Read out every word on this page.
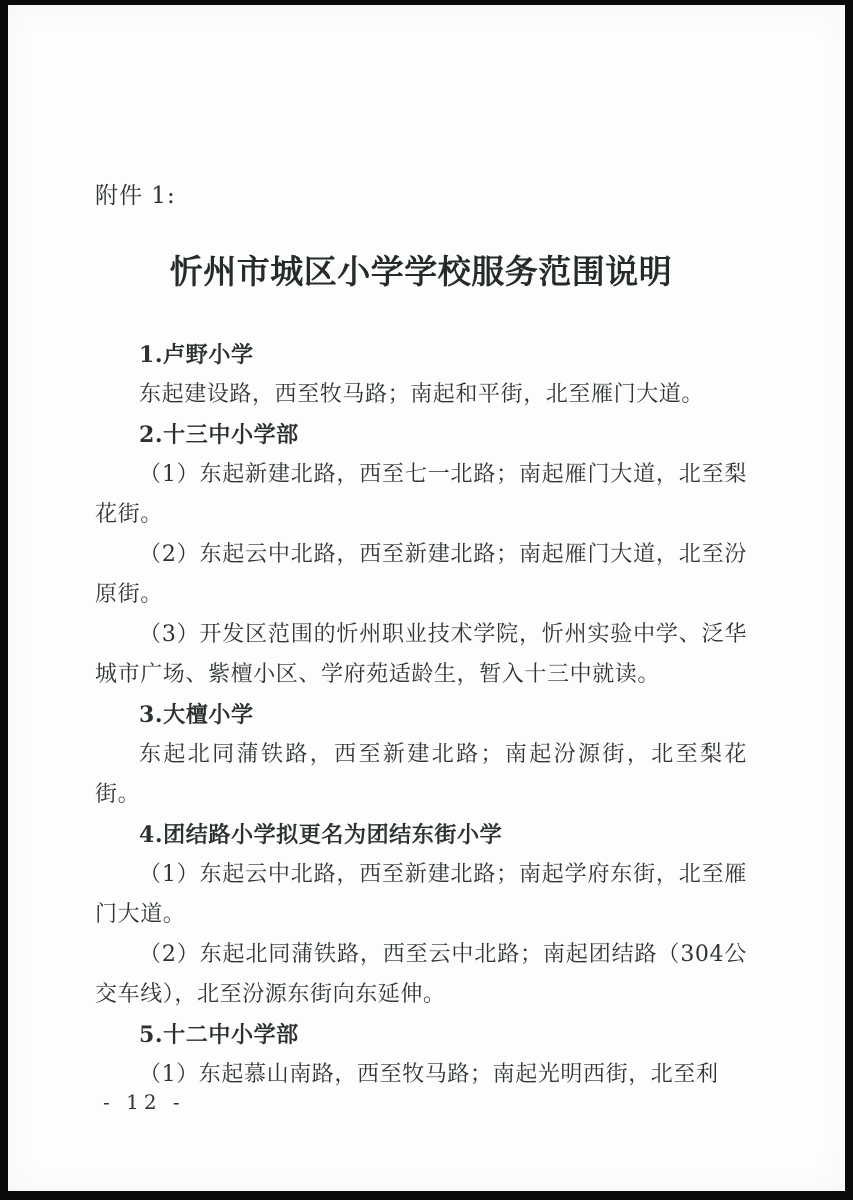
附件 1:
忻州市城区小学学校服务范围说明
1.卢野小学

东起建设路，西至牧马路；南起和平街，北至雁门大道。

2.十三中小学部

（1）东起新建北路，西至七一北路；南起雁门大道，北至梨花街。

（2）东起云中北路，西至新建北路；南起雁门大道，北至汾原街。

（3）开发区范围的忻州职业技术学院，忻州实验中学、泛华城市广场、紫檀小区、学府苑适龄生，暂入十三中就读。

3.大檀小学

东起北同蒲铁路，西至新建北路；南起汾源街，北至梨花街。

4.团结路小学拟更名为团结东街小学

（1）东起云中北路，西至新建北路；南起学府东街，北至雁门大道。

（2）东起北同蒲铁路，西至云中北路；南起团结路（304公交车线），北至汾源东街向东延伸。

5.十二中小学部

（1）东起慕山南路，西至牧马路；南起光明西街，北至利

- 12 -
